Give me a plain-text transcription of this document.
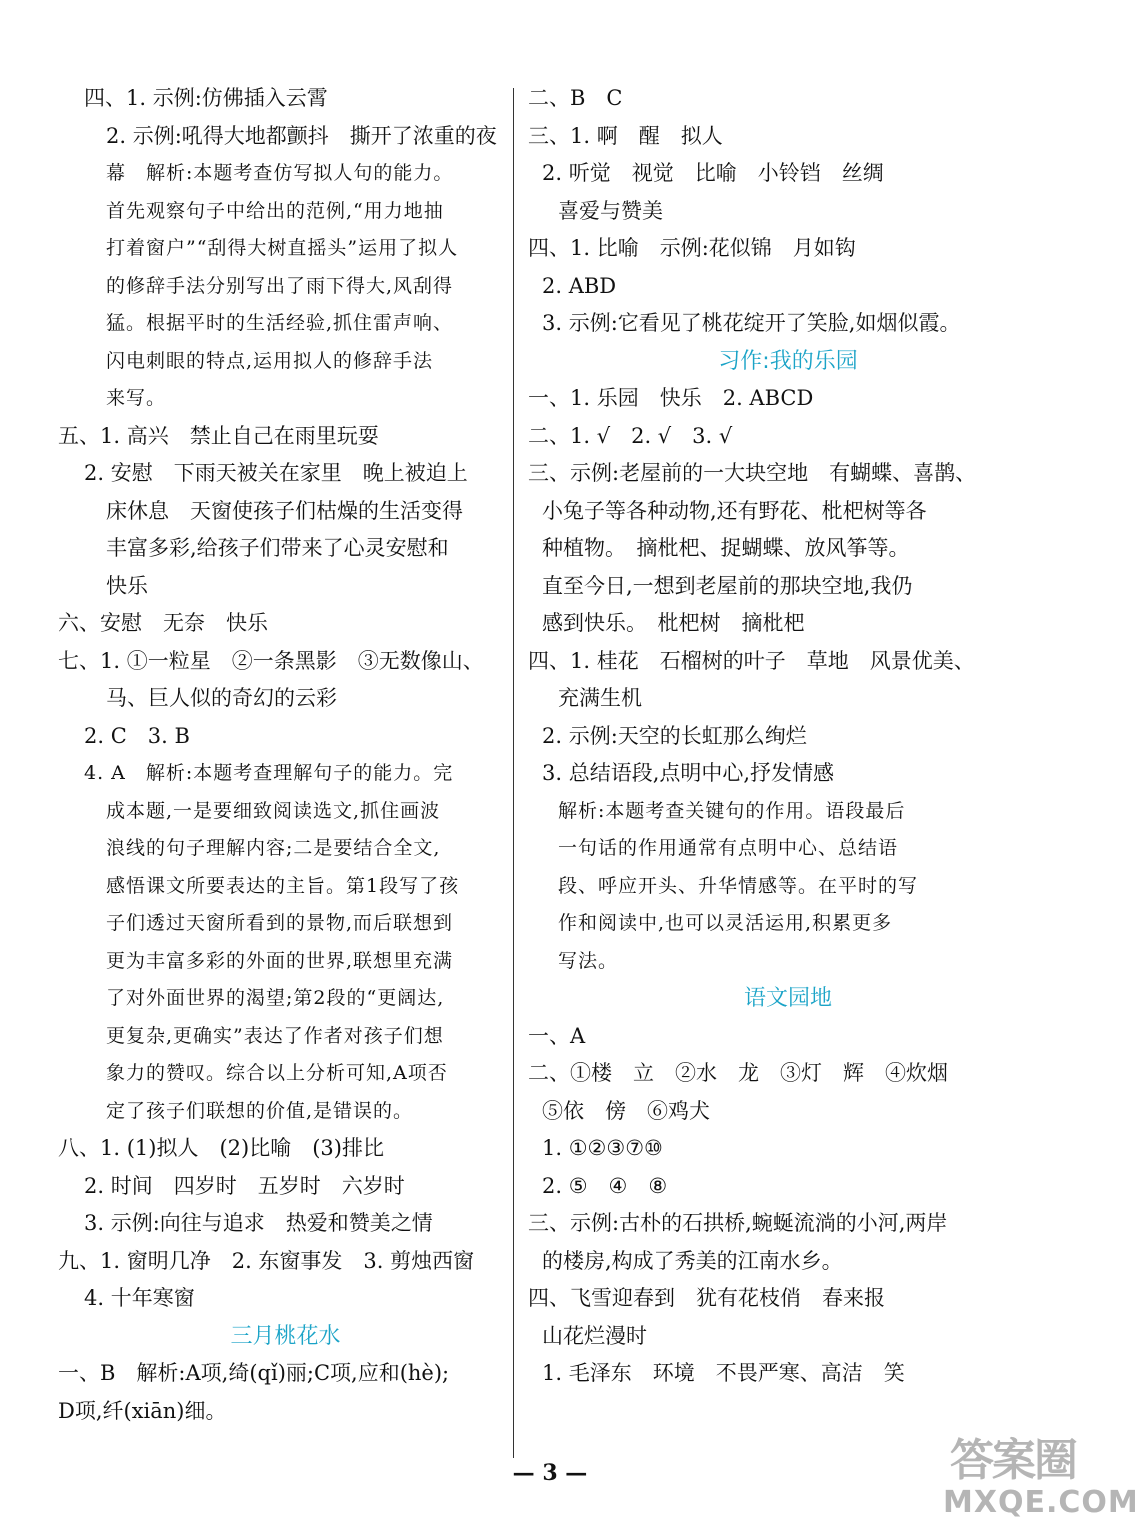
四、1. 示例:仿佛插入云霄
2. 示例:吼得大地都颤抖　撕开了浓重的夜
幕　解析:本题考查仿写拟人句的能力。
首先观察句子中给出的范例,“用力地抽
打着窗户”“刮得大树直摇头”运用了拟人
的修辞手法分别写出了雨下得大,风刮得
猛。根据平时的生活经验,抓住雷声响、
闪电刺眼的特点,运用拟人的修辞手法
来写。
五、1. 高兴　禁止自己在雨里玩耍
2. 安慰　下雨天被关在家里　晚上被迫上
床休息　天窗使孩子们枯燥的生活变得
丰富多彩,给孩子们带来了心灵安慰和
快乐
六、安慰　无奈　快乐
七、1. ①一粒星　②一条黑影　③无数像山、
马、巨人似的奇幻的云彩
2. C　3. B
4. A　解析:本题考查理解句子的能力。完
成本题,一是要细致阅读选文,抓住画波
浪线的句子理解内容;二是要结合全文,
感悟课文所要表达的主旨。第1段写了孩
子们透过天窗所看到的景物,而后联想到
更为丰富多彩的外面的世界,联想里充满
了对外面世界的渴望;第2段的“更阔达,
更复杂,更确实”表达了作者对孩子们想
象力的赞叹。综合以上分析可知,A项否
定了孩子们联想的价值,是错误的。
八、1. (1)拟人　(2)比喻　(3)排比
2. 时间　四岁时　五岁时　六岁时
3. 示例:向往与追求　热爱和赞美之情
九、1. 窗明几净　2. 东窗事发　3. 剪烛西窗
4. 十年寒窗
三月桃花水
一、B　解析:A项,绮(qǐ)丽;C项,应和(hè);
D项,纤(xiān)细。
二、B　C
三、1. 啊　醒　拟人
2. 听觉　视觉　比喻　小铃铛　丝绸
喜爱与赞美
四、1. 比喻　示例:花似锦　月如钩
2. ABD
3. 示例:它看见了桃花绽开了笑脸,如烟似霞。
习作:我的乐园
一、1. 乐园　快乐　2. ABCD
二、1. √　2. √　3. √
三、示例:老屋前的一大块空地　有蝴蝶、喜鹊、
小兔子等各种动物,还有野花、枇杷树等各
种植物。　摘枇杷、捉蝴蝶、放风筝等。
直至今日,一想到老屋前的那块空地,我仍
感到快乐。　枇杷树　摘枇杷
四、1. 桂花　石榴树的叶子　草地　风景优美、
充满生机
2. 示例:天空的长虹那么绚烂
3. 总结语段,点明中心,抒发情感
解析:本题考查关键句的作用。语段最后
一句话的作用通常有点明中心、总结语
段、呼应开头、升华情感等。在平时的写
作和阅读中,也可以灵活运用,积累更多
写法。
语文园地
一、A
二、①楼　立　②水　龙　③灯　辉　④炊烟
⑤依　傍　⑥鸡犬
1. ①②③⑦⑩
2. ⑤　④　⑧
三、示例:古朴的石拱桥,蜿蜒流淌的小河,两岸
的楼房,构成了秀美的江南水乡。
四、飞雪迎春到　犹有花枝俏　春来报
山花烂漫时
1. 毛泽东　环境　不畏严寒、高洁　笑
— 3 —	答案圈
MXQE.COM
